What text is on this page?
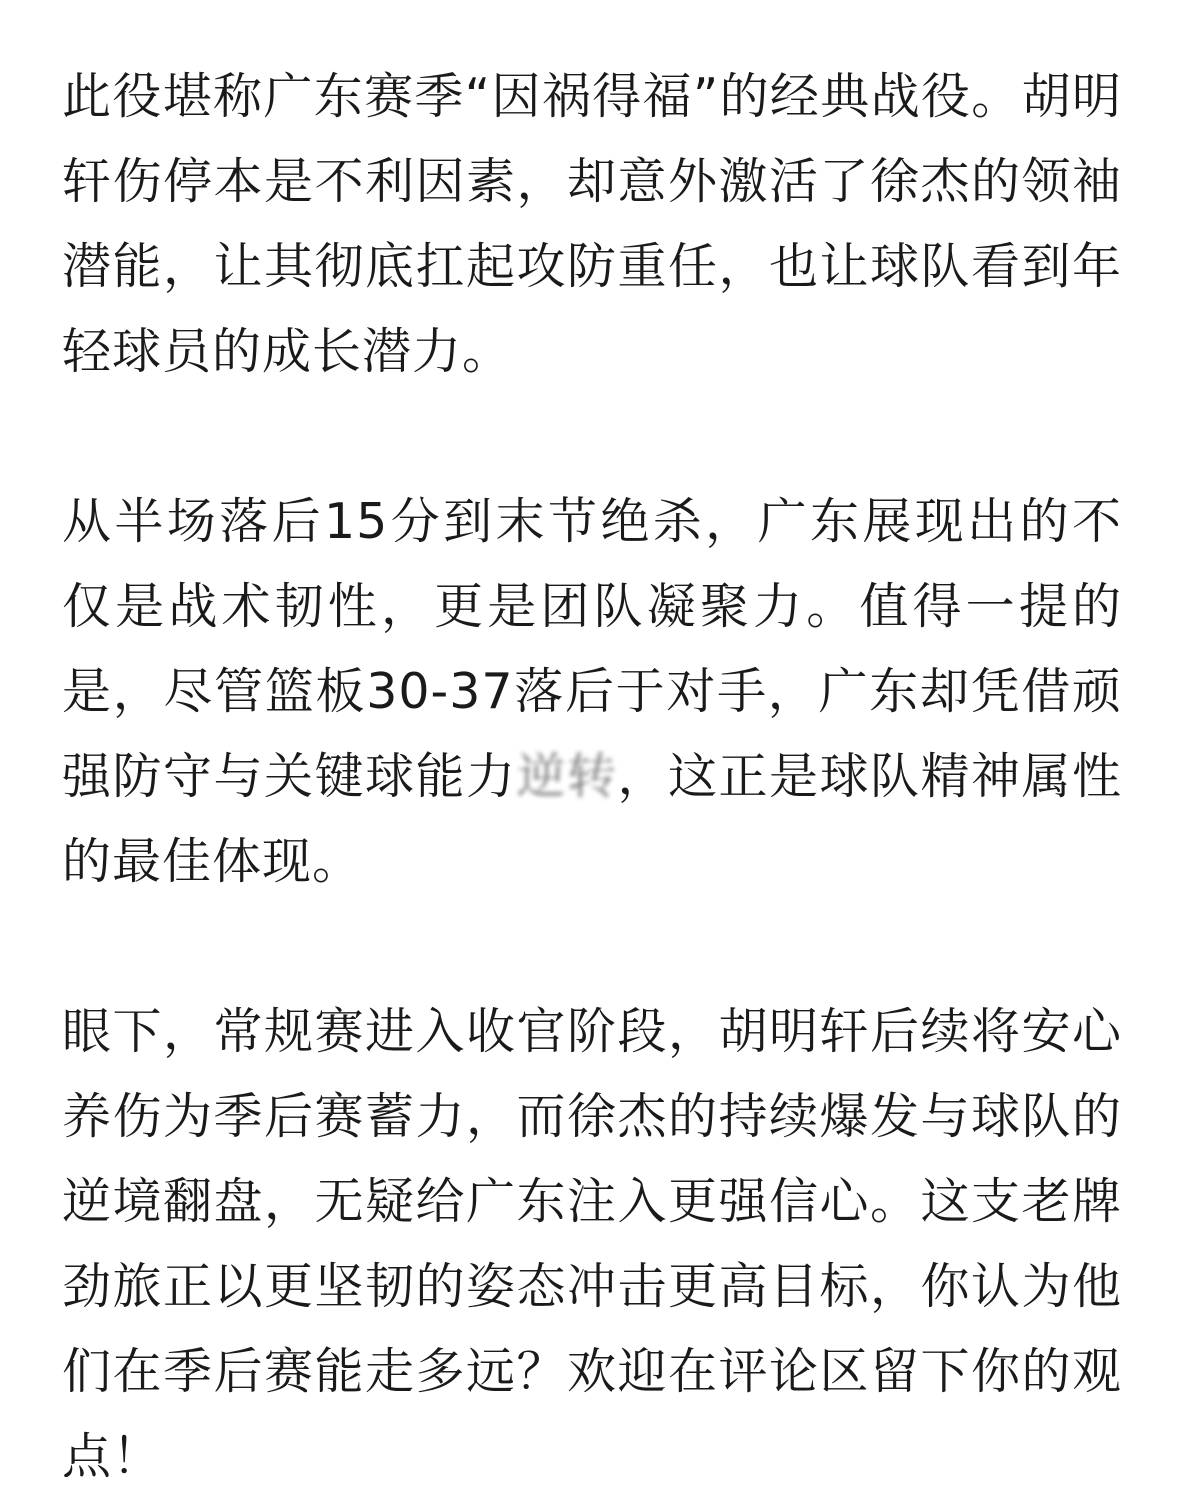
此役堪称广东赛季“因祸得福”的经典战役。胡明轩伤停本是不利因素，却意外激活了徐杰的领袖潜能，让其彻底扛起攻防重任，也让球队看到年轻球员的成长潜力。

从半场落后15分到末节绝杀，广东展现出的不仅是战术韧性，更是团队凝聚力。值得一提的是，尽管篮板30-37落后于对手，广东却凭借顽强防守与关键球能力逆转，这正是球队精神属性的最佳体现。

眼下，常规赛进入收官阶段，胡明轩后续将安心养伤为季后赛蓄力，而徐杰的持续爆发与球队的逆境翻盘，无疑给广东注入更强信心。这支老牌劲旅正以更坚韧的姿态冲击更高目标，你认为他们在季后赛能走多远？欢迎在评论区留下你的观点！
